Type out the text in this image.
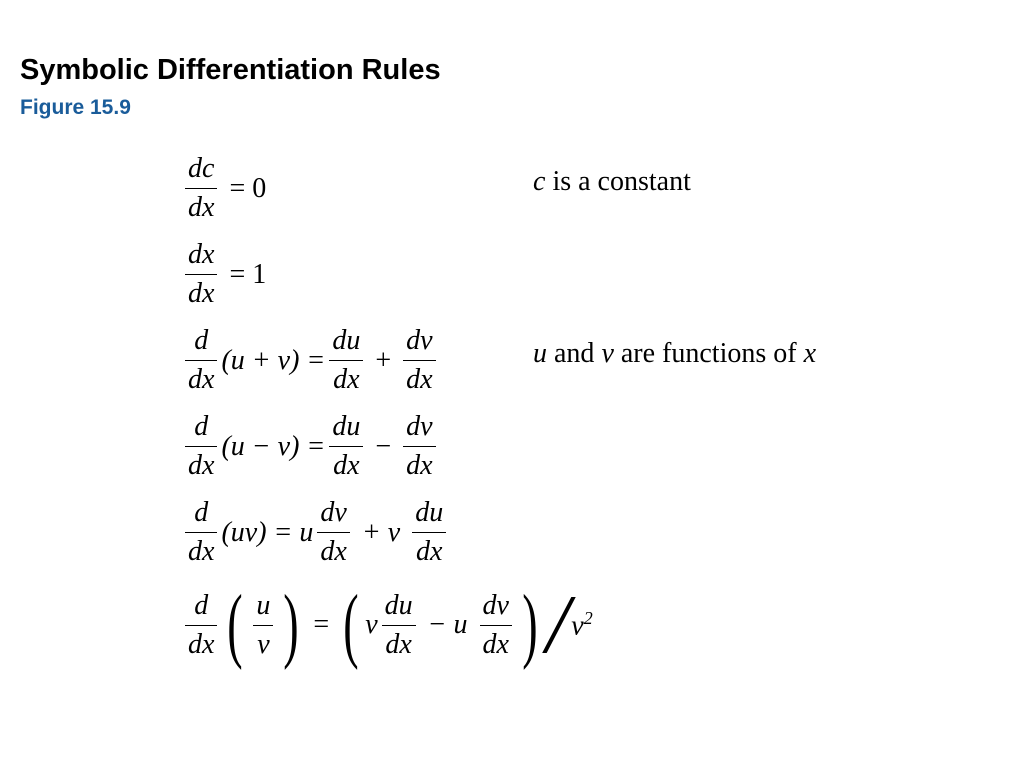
Symbolic Differentiation Rules
Figure 15.9
$\frac{dc}{dx} = 0$	c is a constant
$\frac{dx}{dx} = 1$
$\frac{d}{dx} (u + v) = \frac{du}{dx} + \frac{dv}{dx}$	u and v are functions of x
$\frac{d}{dx} (u - v) = \frac{du}{dx} - \frac{dv}{dx}$
$\frac{d}{dx} (uv) = u \frac{dv}{dx} + v \frac{du}{dx}$
$\frac{d}{dx}$ ( $\frac{u}{v}$ ) = ( v $\frac{du}{dx} - u \frac{dv}{dx}$ ) / $v^2$
